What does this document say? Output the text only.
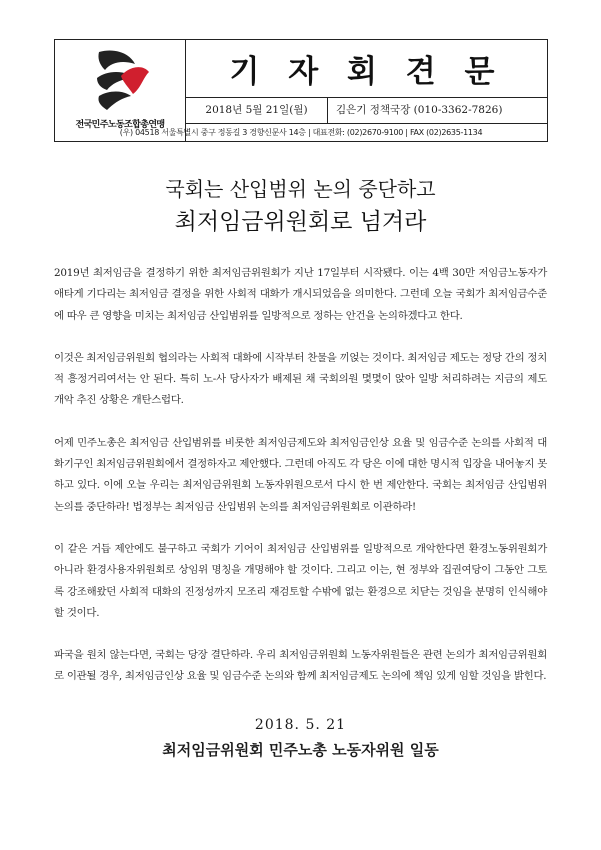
전국민주노동조합총연맹
기 자 회 견 문
2018년 5월 21일(월)	김은기 정책국장 (010-3362-7826)
(우) 04518 서울특별시 중구 정동길 3 경향신문사 14층 | 대표전화: (02)2670-9100 | FAX (02)2635-1134
국회는 산입범위 논의 중단하고
최저임금위원회로 넘겨라

2019년 최저임금을 결정하기 위한 최저임금위원회가 지난 17일부터 시작됐다. 이는 4백 30만 저임금노동자가 애타게 기다리는 최저임금 결정을 위한 사회적 대화가 개시되었음을 의미한다. 그런데 오늘 국회가 최저임금수준에 따우 큰 영향을 미치는 최저임금 산입범위를 일방적으로 정하는 안건을 논의하겠다고 한다.

이것은 최저임금위원회 협의라는 사회적 대화에 시작부터 찬물을 끼얹는 것이다. 최저임금 제도는 정당 간의 정치적 흥정거리여서는 안 된다. 특히 노-사 당사자가 배제된 채 국회의원 몇몇이 앉아 일방 처리하려는 지금의 제도 개악 추진 상황은 개탄스럽다.

어제 민주노총은 최저임금 산입범위를 비롯한 최저임금제도와 최저임금인상 요율 및 임금수준 논의를 사회적 대화기구인 최저임금위원회에서 결정하자고 제안했다. 그런데 아직도 각 당은 이에 대한 명시적 입장을 내어놓지 못하고 있다. 이에 오늘 우리는 최저임금위원회 노동자위원으로서 다시 한 번 제안한다. 국회는 최저임금 산입범위 논의를 중단하라! 법정부는 최저임금 산입범위 논의를 최저임금위원회로 이관하라!

이 같은 거듭 제안에도 불구하고 국회가 기어이 최저임금 산입범위를 일방적으로 개악한다면 환경노동위원회가 아니라 환경사용자위원회로 상임위 명칭을 개명해야 할 것이다. 그리고 이는, 현 정부와 집권여당이 그동안 그토록 강조해왔던 사회적 대화의 진정성까지 모조리 재검토할 수밖에 없는 환경으로 치닫는 것임을 분명히 인식해야 할 것이다.

파국을 원치 않는다면, 국회는 당장 결단하라. 우리 최저임금위원회 노동자위원들은 관련 논의가 최저임금위원회로 이관될 경우, 최저임금인상 요율 및 임금수준 논의와 함께 최저임금제도 논의에 책임 있게 임할 것임을 밝힌다.

2018. 5. 21
최저임금위원회 민주노총 노동자위원 일동
